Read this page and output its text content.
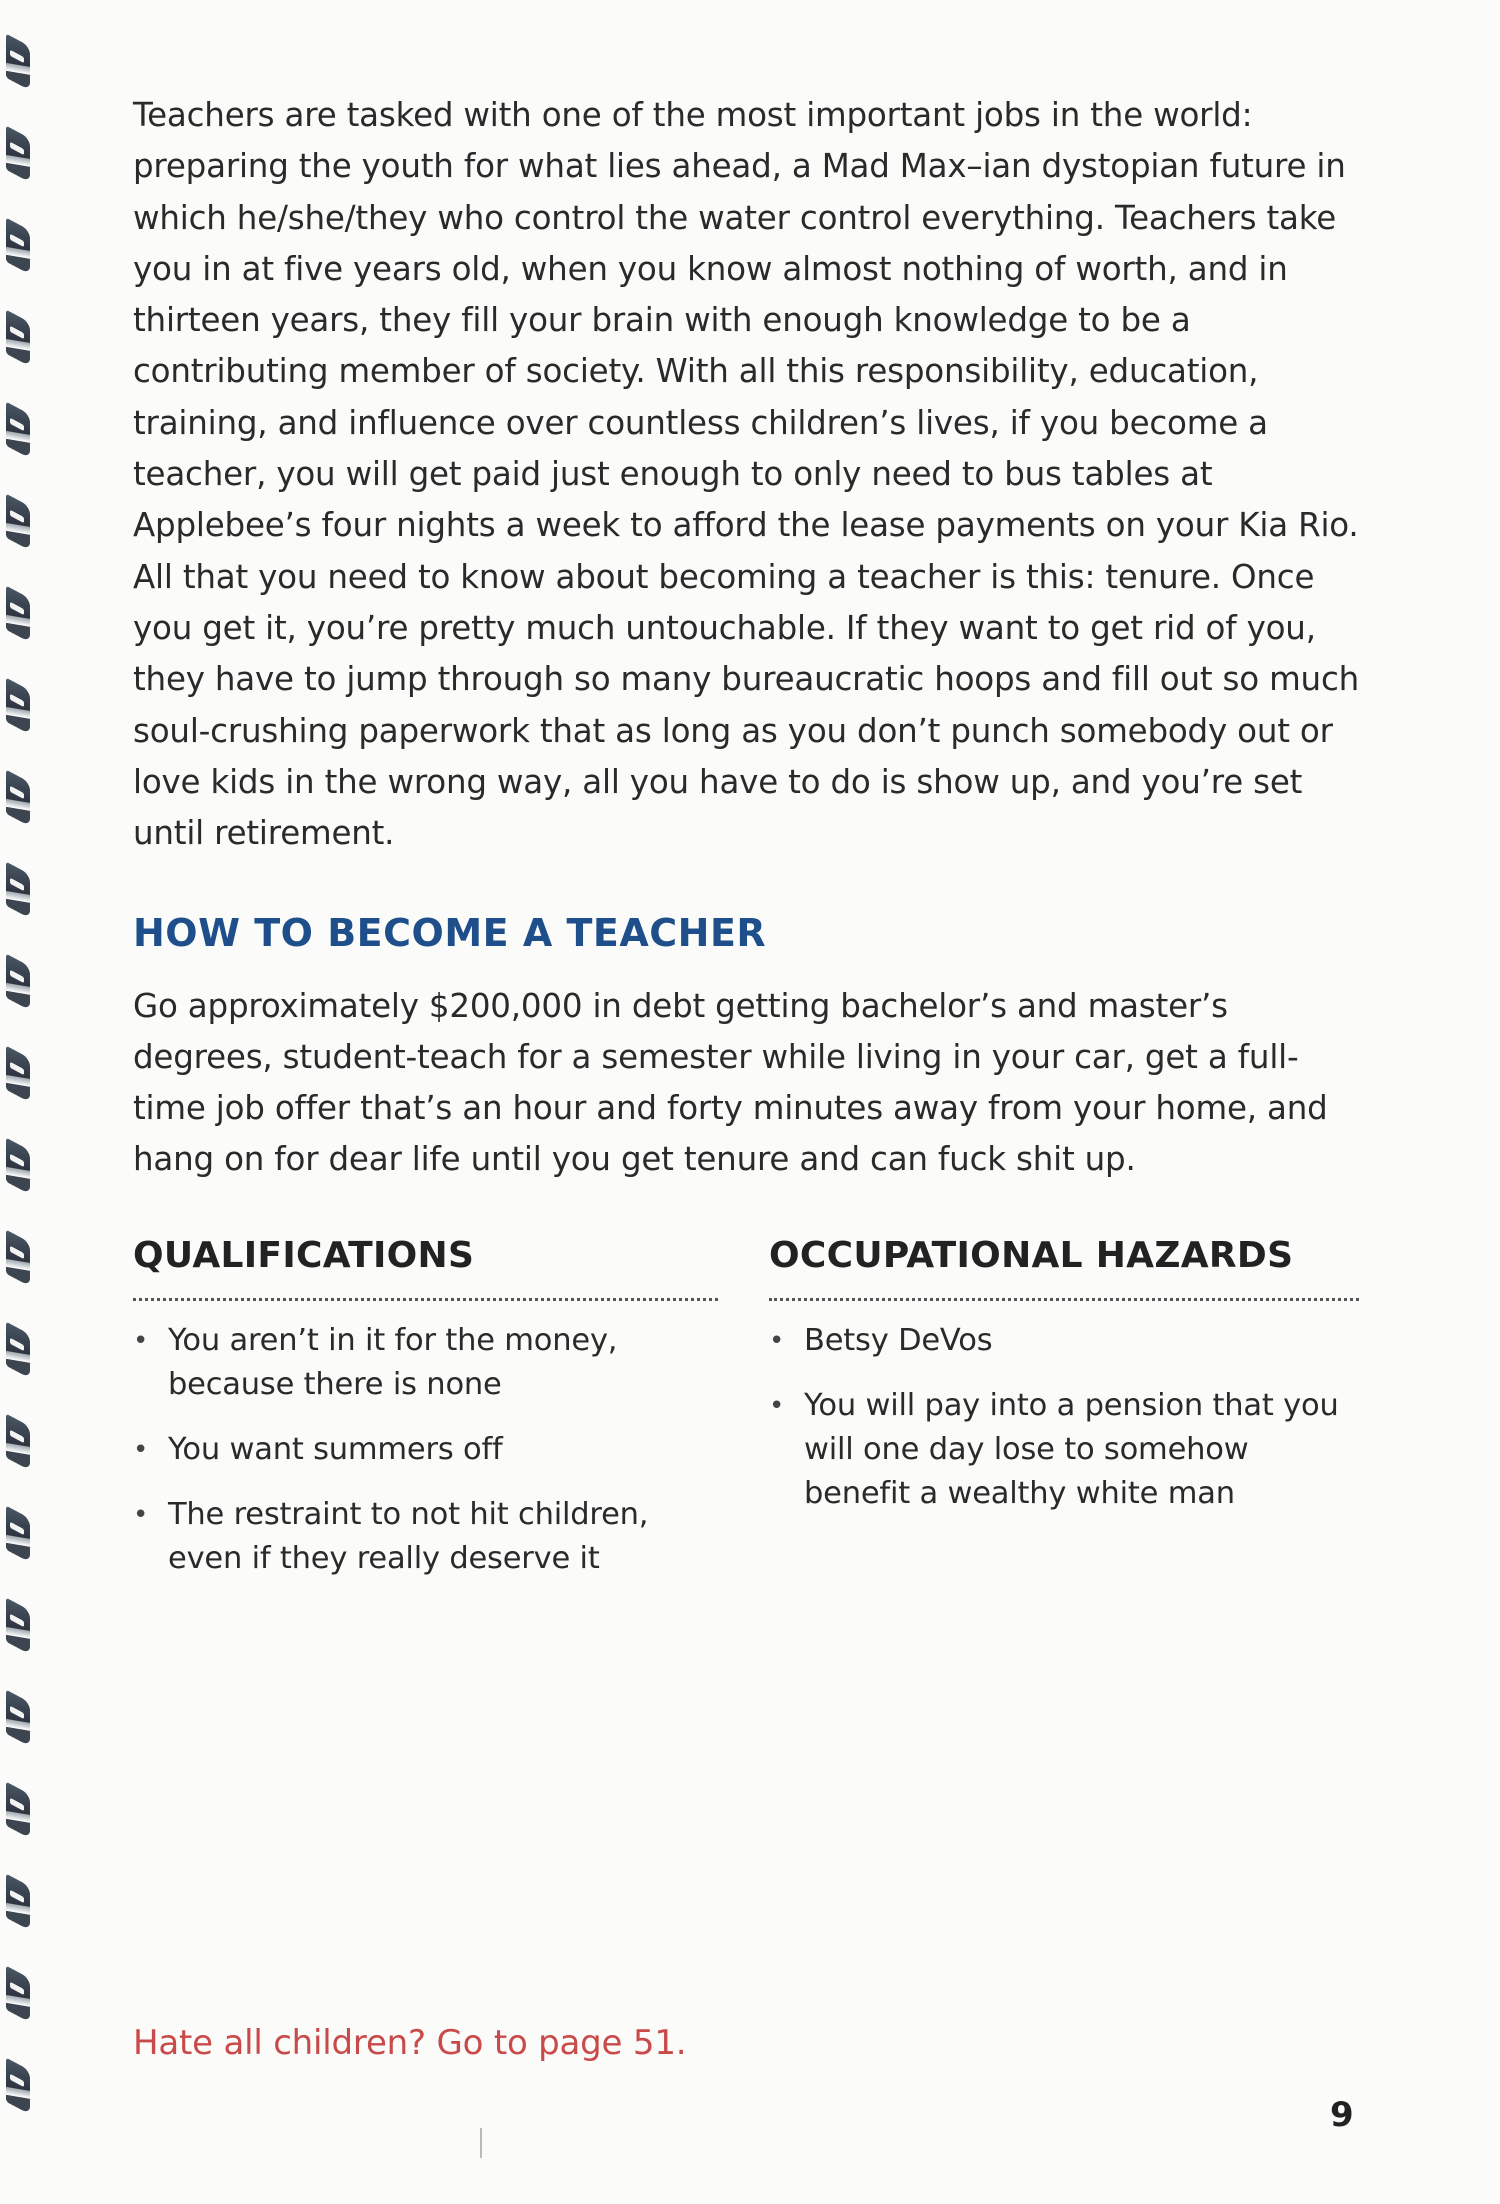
Teachers are tasked with one of the most important jobs in the world: preparing the youth for what lies ahead, a Mad Max–ian dystopian future in which he/she/they who control the water control everything. Teachers take you in at five years old, when you know almost nothing of worth, and in thirteen years, they fill your brain with enough knowledge to be a contributing member of society. With all this responsibility, education, training, and influence over countless children’s lives, if you become a teacher, you will get paid just enough to only need to bus tables at Applebee’s four nights a week to afford the lease payments on your Kia Rio. All that you need to know about becoming a teacher is this: tenure. Once you get it, you’re pretty much untouchable. If they want to get rid of you, they have to jump through so many bureaucratic hoops and fill out so much soul-crushing paperwork that as long as you don’t punch somebody out or love kids in the wrong way, all you have to do is show up, and you’re set until retirement.

HOW TO BECOME A TEACHER

Go approximately $200,000 in debt getting bachelor’s and master’s degrees, student-teach for a semester while living in your car, get a full-time job offer that’s an hour and forty minutes away from your home, and hang on for dear life until you get tenure and can fuck shit up.

QUALIFICATIONS
• You aren’t in it for the money, because there is none
• You want summers off
• The restraint to not hit children, even if they really deserve it
OCCUPATIONAL HAZARDS
• Betsy DeVos
• You will pay into a pension that you will one day lose to somehow benefit a wealthy white man
Hate all children? Go to page 51.
9
